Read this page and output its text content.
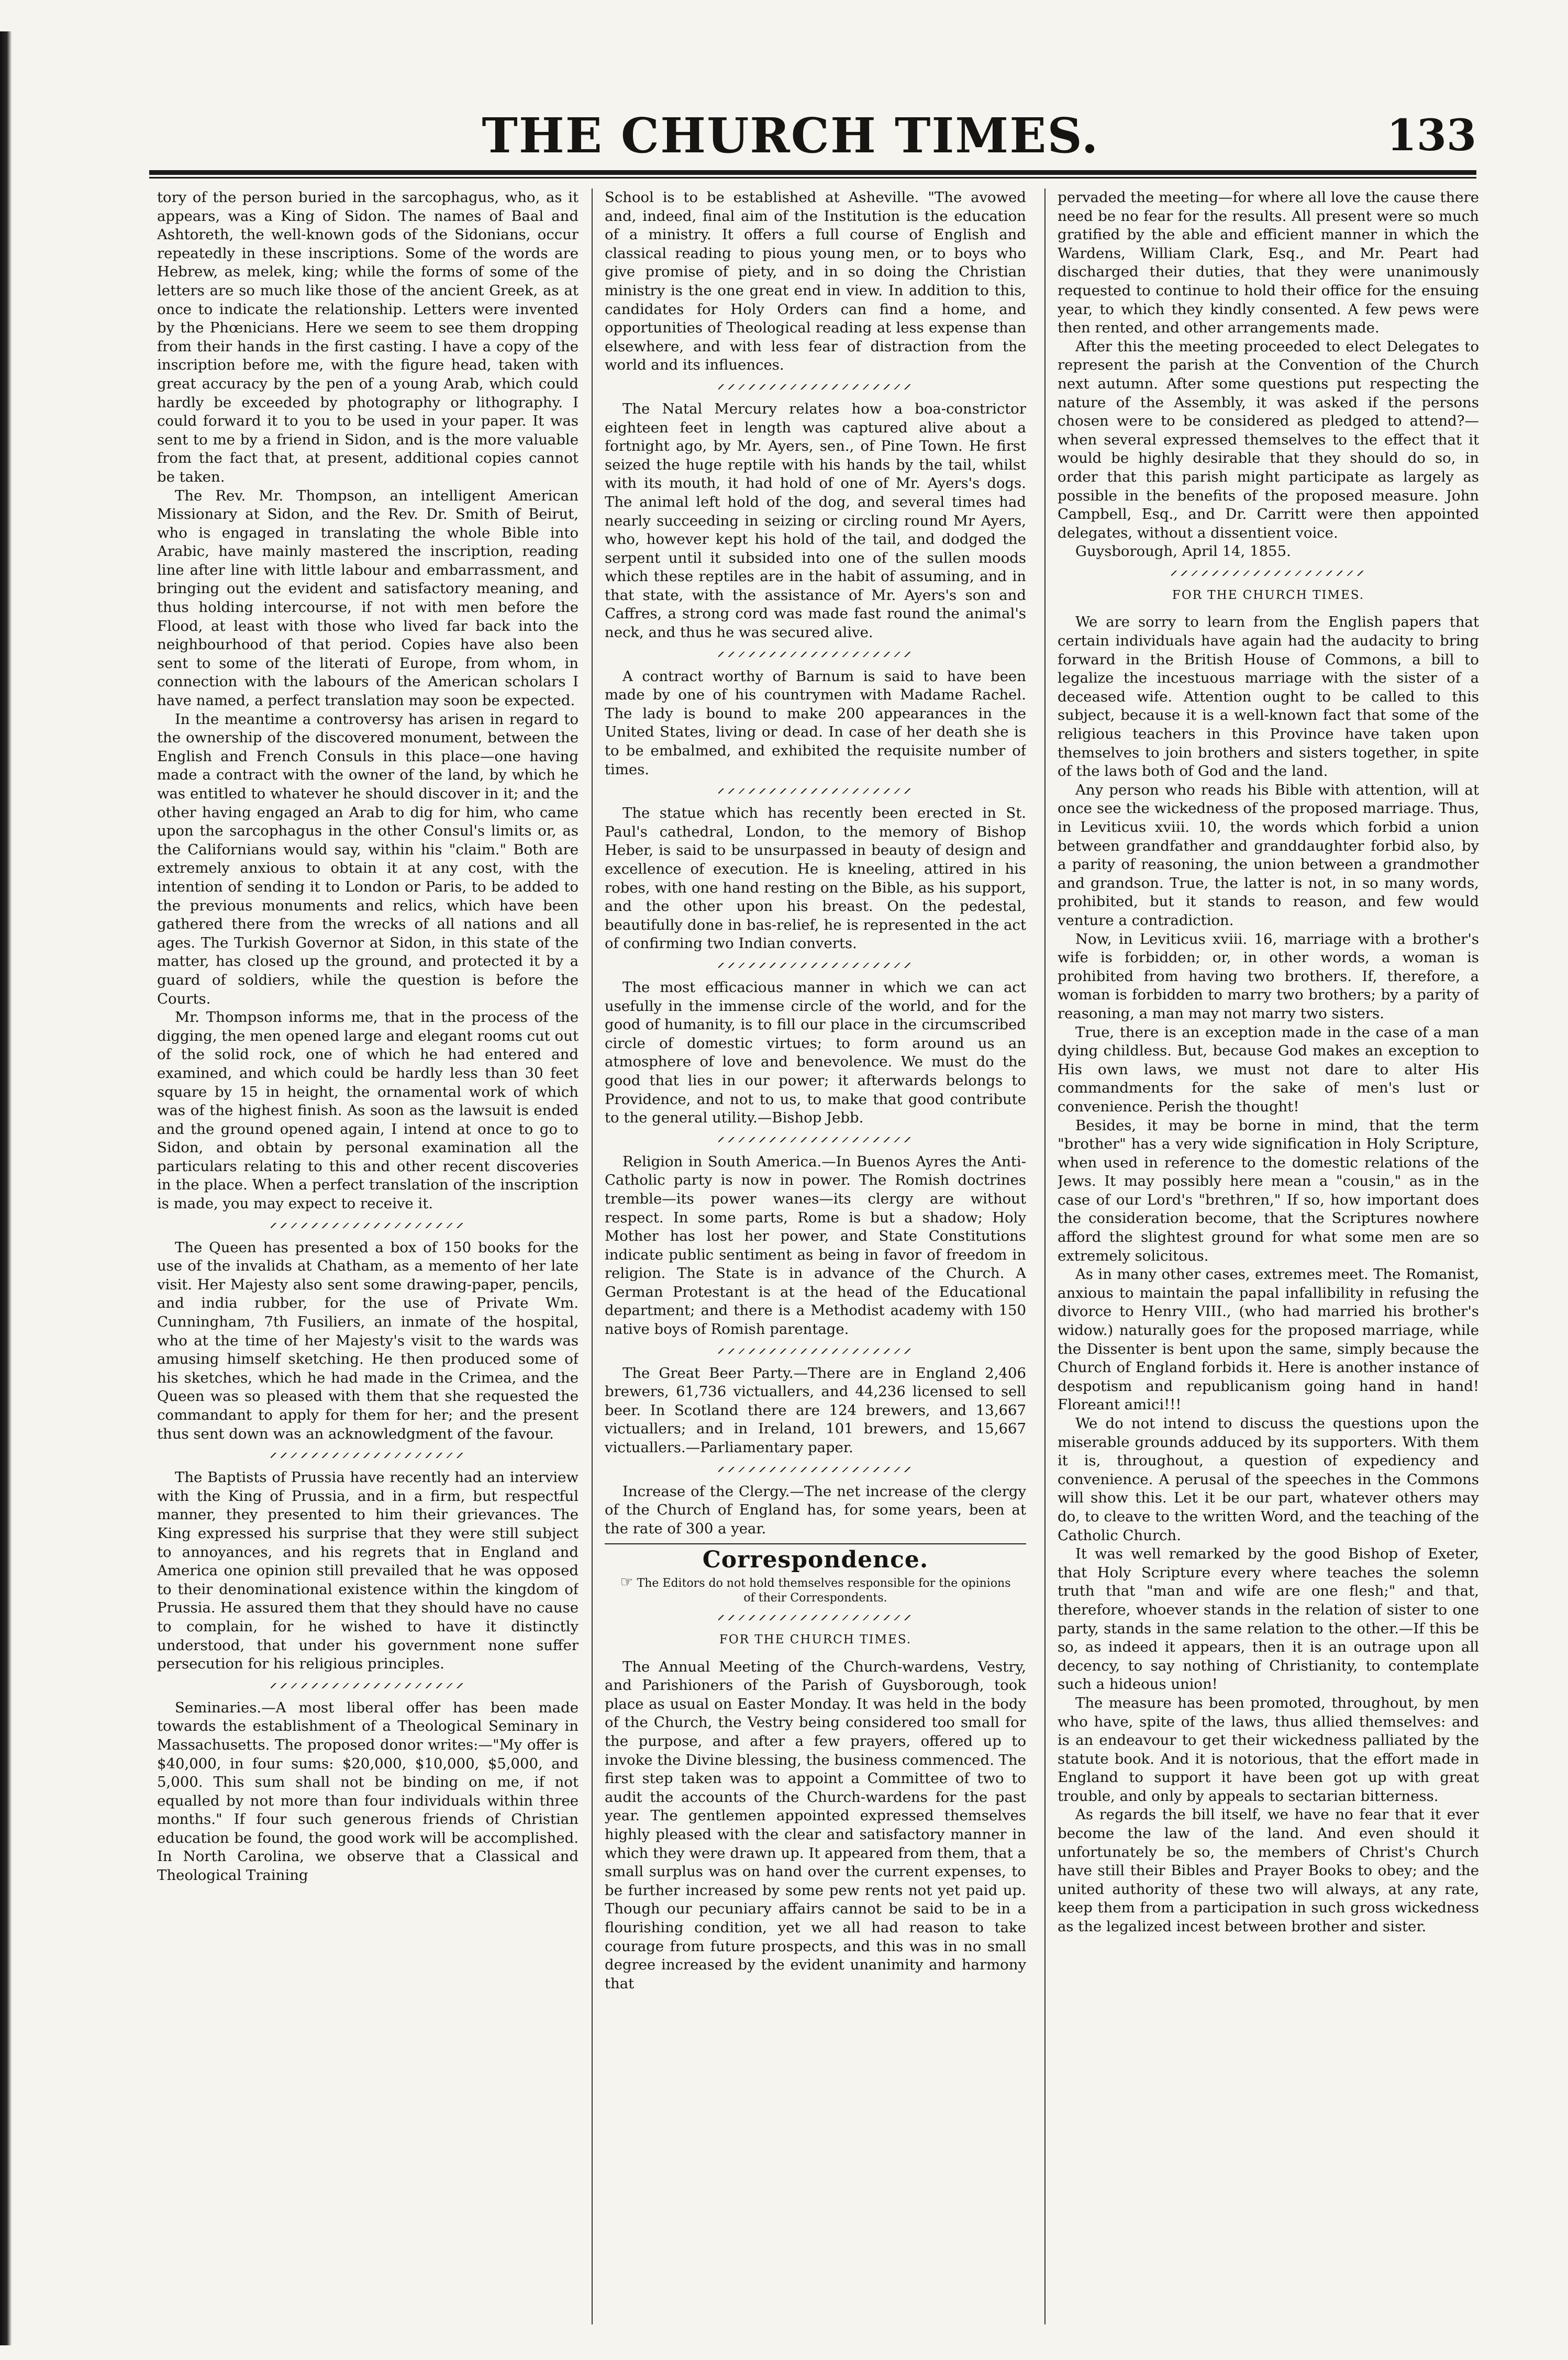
THE CHURCH TIMES.	133

tory of the person buried in the sarcophagus, who, as it appears, was a King of Sidon. The names of Baal and Ashtoreth, the well-known gods of the Sidonians, occur repeatedly in these inscriptions. Some of the words are Hebrew, as melek, king; while the forms of some of the letters are so much like those of the ancient Greek, as at once to indicate the relationship. Letters were invented by the Phœnicians. Here we seem to see them dropping from their hands in the first casting. I have a copy of the inscription before me, with the figure head, taken with great accuracy by the pen of a young Arab, which could hardly be exceeded by photography or lithography. I could forward it to you to be used in your paper. It was sent to me by a friend in Sidon, and is the more valuable from the fact that, at present, additional copies cannot be taken.

The Rev. Mr. Thompson, an intelligent American Missionary at Sidon, and the Rev. Dr. Smith of Beirut, who is engaged in translating the whole Bible into Arabic, have mainly mastered the inscription, reading line after line with little labour and embarrassment, and bringing out the evident and satisfactory meaning, and thus holding intercourse, if not with men before the Flood, at least with those who lived far back into the neighbourhood of that period. Copies have also been sent to some of the literati of Europe, from whom, in connection with the labours of the American scholars I have named, a perfect translation may soon be expected.

In the meantime a controversy has arisen in regard to the ownership of the discovered monument, between the English and French Consuls in this place—one having made a contract with the owner of the land, by which he was entitled to whatever he should discover in it; and the other having engaged an Arab to dig for him, who came upon the sarcophagus in the other Consul's limits or, as the Californians would say, within his "claim." Both are extremely anxious to obtain it at any cost, with the intention of sending it to London or Paris, to be added to the previous monuments and relics, which have been gathered there from the wrecks of all nations and all ages. The Turkish Governor at Sidon, in this state of the matter, has closed up the ground, and protected it by a guard of soldiers, while the question is before the Courts.

Mr. Thompson informs me, that in the process of the digging, the men opened large and elegant rooms cut out of the solid rock, one of which he had entered and examined, and which could be hardly less than 30 feet square by 15 in height, the ornamental work of which was of the highest finish. As soon as the lawsuit is ended and the ground opened again, I intend at once to go to Sidon, and obtain by personal examination all the particulars relating to this and other recent discoveries in the place. When a perfect translation of the inscription is made, you may expect to receive it.

The Queen has presented a box of 150 books for the use of the invalids at Chatham, as a memento of her late visit. Her Majesty also sent some drawing-paper, pencils, and india rubber, for the use of Private Wm. Cunningham, 7th Fusiliers, an inmate of the hospital, who at the time of her Majesty's visit to the wards was amusing himself sketching. He then produced some of his sketches, which he had made in the Crimea, and the Queen was so pleased with them that she requested the commandant to apply for them for her; and the present thus sent down was an acknowledgment of the favour.

The Baptists of Prussia have recently had an interview with the King of Prussia, and in a firm, but respectful manner, they presented to him their grievances. The King expressed his surprise that they were still subject to annoyances, and his regrets that in England and America one opinion still prevailed that he was opposed to their denominational existence within the kingdom of Prussia. He assured them that they should have no cause to complain, for he wished to have it distinctly understood, that under his government none suffer persecution for his religious principles.

Seminaries.—A most liberal offer has been made towards the establishment of a Theological Seminary in Massachusetts. The proposed donor writes:—"My offer is $40,000, in four sums: $20,000, $10,000, $5,000, and 5,000. This sum shall not be binding on me, if not equalled by not more than four individuals within three months." If four such generous friends of Christian education be found, the good work will be accomplished. In North Carolina, we observe that a Classical and Theological Training

School is to be established at Asheville. "The avowed and, indeed, final aim of the Institution is the education of a ministry. It offers a full course of English and classical reading to pious young men, or to boys who give promise of piety, and in so doing the Christian ministry is the one great end in view. In addition to this, candidates for Holy Orders can find a home, and opportunities of Theological reading at less expense than elsewhere, and with less fear of distraction from the world and its influences.

The Natal Mercury relates how a boa-constrictor eighteen feet in length was captured alive about a fortnight ago, by Mr. Ayers, sen., of Pine Town. He first seized the huge reptile with his hands by the tail, whilst with its mouth, it had hold of one of Mr. Ayers's dogs. The animal left hold of the dog, and several times had nearly succeeding in seizing or circling round Mr Ayers, who, however kept his hold of the tail, and dodged the serpent until it subsided into one of the sullen moods which these reptiles are in the habit of assuming, and in that state, with the assistance of Mr. Ayers's son and Caffres, a strong cord was made fast round the animal's neck, and thus he was secured alive.

A contract worthy of Barnum is said to have been made by one of his countrymen with Madame Rachel. The lady is bound to make 200 appearances in the United States, living or dead. In case of her death she is to be embalmed, and exhibited the requisite number of times.

The statue which has recently been erected in St. Paul's cathedral, London, to the memory of Bishop Heber, is said to be unsurpassed in beauty of design and excellence of execution. He is kneeling, attired in his robes, with one hand resting on the Bible, as his support, and the other upon his breast. On the pedestal, beautifully done in bas-relief, he is represented in the act of confirming two Indian converts.

The most efficacious manner in which we can act usefully in the immense circle of the world, and for the good of humanity, is to fill our place in the circumscribed circle of domestic virtues; to form around us an atmosphere of love and benevolence. We must do the good that lies in our power; it afterwards belongs to Providence, and not to us, to make that good contribute to the general utility.—Bishop Jebb.

Religion in South America.—In Buenos Ayres the Anti-Catholic party is now in power. The Romish doctrines tremble—its power wanes—its clergy are without respect. In some parts, Rome is but a shadow; Holy Mother has lost her power, and State Constitutions indicate public sentiment as being in favor of freedom in religion. The State is in advance of the Church. A German Protestant is at the head of the Educational department; and there is a Methodist academy with 150 native boys of Romish parentage.

The Great Beer Party.—There are in England 2,406 brewers, 61,736 victuallers, and 44,236 licensed to sell beer. In Scotland there are 124 brewers, and 13,667 victuallers; and in Ireland, 101 brewers, and 15,667 victuallers.—Parliamentary paper.

Increase of the Clergy.—The net increase of the clergy of the Church of England has, for some years, been at the rate of 300 a year.

Correspondence.
☞ The Editors do not hold themselves responsible for the opinions of their Correspondents.

FOR THE CHURCH TIMES.

The Annual Meeting of the Church-wardens, Vestry, and Parishioners of the Parish of Guysborough, took place as usual on Easter Monday. It was held in the body of the Church, the Vestry being considered too small for the purpose, and after a few prayers, offered up to invoke the Divine blessing, the business commenced. The first step taken was to appoint a Committee of two to audit the accounts of the Church-wardens for the past year. The gentlemen appointed expressed themselves highly pleased with the clear and satisfactory manner in which they were drawn up. It appeared from them, that a small surplus was on hand over the current expenses, to be further increased by some pew rents not yet paid up. Though our pecuniary affairs cannot be said to be in a flourishing condition, yet we all had reason to take courage from future prospects, and this was in no small degree increased by the evident unanimity and harmony that

pervaded the meeting—for where all love the cause there need be no fear for the results. All present were so much gratified by the able and efficient manner in which the Wardens, William Clark, Esq., and Mr. Peart had discharged their duties, that they were unanimously requested to continue to hold their office for the ensuing year, to which they kindly consented. A few pews were then rented, and other arrangements made.

After this the meeting proceeded to elect Delegates to represent the parish at the Convention of the Church next autumn. After some questions put respecting the nature of the Assembly, it was asked if the persons chosen were to be considered as pledged to attend?—when several expressed themselves to the effect that it would be highly desirable that they should do so, in order that this parish might participate as largely as possible in the benefits of the proposed measure. John Campbell, Esq., and Dr. Carritt were then appointed delegates, without a dissentient voice.

Guysborough, April 14, 1855.

FOR THE CHURCH TIMES.

We are sorry to learn from the English papers that certain individuals have again had the audacity to bring forward in the British House of Commons, a bill to legalize the incestuous marriage with the sister of a deceased wife. Attention ought to be called to this subject, because it is a well-known fact that some of the religious teachers in this Province have taken upon themselves to join brothers and sisters together, in spite of the laws both of God and the land.

Any person who reads his Bible with attention, will at once see the wickedness of the proposed marriage. Thus, in Leviticus xviii. 10, the words which forbid a union between grandfather and granddaughter forbid also, by a parity of reasoning, the union between a grandmother and grandson. True, the latter is not, in so many words, prohibited, but it stands to reason, and few would venture a contradiction.

Now, in Leviticus xviii. 16, marriage with a brother's wife is forbidden; or, in other words, a woman is prohibited from having two brothers. If, therefore, a woman is forbidden to marry two brothers; by a parity of reasoning, a man may not marry two sisters.

True, there is an exception made in the case of a man dying childless. But, because God makes an exception to His own laws, we must not dare to alter His commandments for the sake of men's lust or convenience. Perish the thought!

Besides, it may be borne in mind, that the term "brother" has a very wide signification in Holy Scripture, when used in reference to the domestic relations of the Jews. It may possibly here mean a "cousin," as in the case of our Lord's "brethren," If so, how important does the consideration become, that the Scriptures nowhere afford the slightest ground for what some men are so extremely solicitous.

As in many other cases, extremes meet. The Romanist, anxious to maintain the papal infallibility in refusing the divorce to Henry VIII., (who had married his brother's widow.) naturally goes for the proposed marriage, while the Dissenter is bent upon the same, simply because the Church of England forbids it. Here is another instance of despotism and republicanism going hand in hand! Floreant amici!!!

We do not intend to discuss the questions upon the miserable grounds adduced by its supporters. With them it is, throughout, a question of expediency and convenience. A perusal of the speeches in the Commons will show this. Let it be our part, whatever others may do, to cleave to the written Word, and the teaching of the Catholic Church.

It was well remarked by the good Bishop of Exeter, that Holy Scripture every where teaches the solemn truth that "man and wife are one flesh;" and that, therefore, whoever stands in the relation of sister to one party, stands in the same relation to the other.—If this be so, as indeed it appears, then it is an outrage upon all decency, to say nothing of Christianity, to contemplate such a hideous union!

The measure has been promoted, throughout, by men who have, spite of the laws, thus allied themselves: and is an endeavour to get their wickedness palliated by the statute book. And it is notorious, that the effort made in England to support it have been got up with great trouble, and only by appeals to sectarian bitterness.

As regards the bill itself, we have no fear that it ever become the law of the land. And even should it unfortunately be so, the members of Christ's Church have still their Bibles and Prayer Books to obey; and the united authority of these two will always, at any rate, keep them from a participation in such gross wickedness as the legalized incest between brother and sister.
